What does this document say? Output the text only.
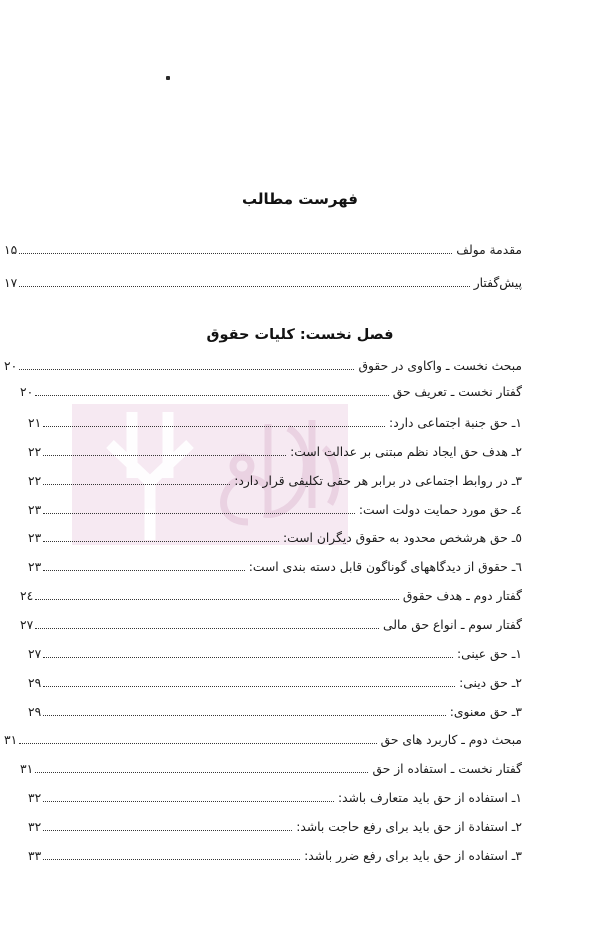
فهرست مطالب
مقدمة مولف
۱۵
پیش‌گفتار
۱۷
فصل نخست: کلیات حقوق
مبحث نخست ـ واکاوی در حقوق
۲۰
گفتار نخست ـ تعریف حق
۲۰
۱ـ حق جنبة اجتماعی دارد:
۲۱
۲ـ هدف حق ایجاد نظم مبتنی بر عدالت است:
۲۲
۳ـ در روابط اجتماعی در برابر هر حقی تکلیفی قرار دارد:
۲۲
٤ـ حق مورد حمایت دولت است:
۲۳
٥ـ حق هرشخص محدود به حقوق دیگران است:
۲۳
٦ـ حقوق از دیدگاههای گوناگون قابل دسته بندی است:
۲۳
گفتار دوم ـ هدف حقوق
۲٤
گفتار سوم ـ انواع حق مالی
۲۷
۱ـ حق عینی:
۲۷
۲ـ حق دینی:
۲۹
۳ـ حق معنوی:
۲۹
مبحث دوم ـ کاربرد های حق
۳۱
گفتار نخست ـ استفاده از حق
۳۱
۱ـ استفاده از حق باید متعارف باشد:
۳۲
۲ـ استفادة از حق باید برای رفع حاجت باشد:
۳۲
۳ـ استفاده از حق باید برای رفع ضرر باشد:
۳۳
